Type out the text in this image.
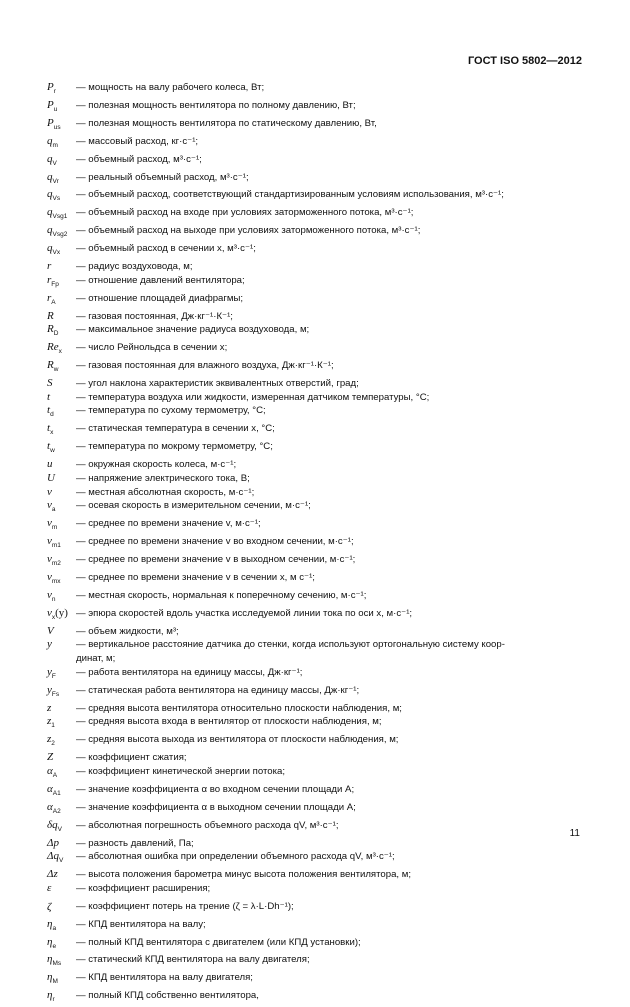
ГОСТ ISO 5802—2012
$P_r$	— мощность на валу рабочего колеса, Вт;
$P_u$	— полезная мощность вентилятора по полному давлению, Вт;
$P_{us}$	— полезная мощность вентилятора по статическому давлению, Вт,
$q_m$	— массовый расход, кг·с⁻¹;
$q_V$	— объемный расход, м³·с⁻¹;
$q_{Vr}$	— реальный объемный расход, м³·с⁻¹;
$q_{Vs}$	— объемный расход, соответствующий стандартизированным условиям использования, м³·с⁻¹;
$q_{Vsg1}$ — объемный расход на входе при условиях заторможенного потока, м³·с⁻¹;
$q_{Vsg2}$ — объемный расход на выходе при условиях заторможенного потока, м³·с⁻¹;
$q_{Vx}$	— объемный расход в сечении x, м³·с⁻¹;
r	— радиус воздуховода, м;
$r_{Fp}$	— отношение давлений вентилятора;
$r_A$	— отношение площадей диафрагмы;
R	— газовая постоянная, Дж·кг⁻¹·К⁻¹;
$R_D$	— максимальное значение радиуса воздуховода, м;
$Re_x$	— число Рейнольдса в сечении x;
$R_w$	— газовая постоянная для влажного воздуха, Дж·кг⁻¹·К⁻¹;
S	— угол наклона характеристик эквивалентных отверстий, град;
t	— температура воздуха или жидкости, измеренная датчиком температуры, °С;
$t_d$	— температура по сухому термометру, °С;
$t_x$	— статическая температура в сечении x, °С;
$t_w$	— температура по мокрому термометру, °С;
u	— окружная скорость колеса, м·с⁻¹;
U	— напряжение электрического тока, В;
v	— местная абсолютная скорость, м·с⁻¹;
$v_a$	— осевая скорость в измерительном сечении, м·с⁻¹;
$v_m$	— среднее по времени значение v, м·с⁻¹;
$v_{m1}$	— среднее по времени значение v во входном сечении, м·с⁻¹;
$v_{m2}$	— среднее по времени значение v в выходном сечении, м·с⁻¹;
$v_{mx}$	— среднее по времени значение v в сечении x, м с⁻¹;
$v_n$	— местная скорость, нормальная к поперечному сечению, м·с⁻¹;
$v_x(y)$ — эпюра скоростей вдоль участка исследуемой линии тока по оси x, м·с⁻¹;
V	— объем жидкости, м³;
y	— вертикальное расстояние датчика до стенки, когда используют ортогональную систему коор-
динат, м;
$y_F$	— работа вентилятора на единицу массы, Дж·кг⁻¹;
$y_{Fs}$	— статическая работа вентилятора на единицу массы, Дж·кг⁻¹;
z	— средняя высота вентилятора относительно плоскости наблюдения, м;
$z_1$	— средняя высота входа в вентилятор от плоскости наблюдения, м;
$z_2$	— средняя высота выхода из вентилятора от плоскости наблюдения, м;
Z	— коэффициент сжатия;
$\alpha_A$	— коэффициент кинетической энергии потока;
$\alpha_{A1}$	— значение коэффициента α во входном сечении площади A;
$\alpha_{A2}$	— значение коэффициента α в выходном сечении площади A;
$\delta q_V$	— абсолютная погрешность объемного расхода qV, м³·с⁻¹;
Δp	— разность давлений, Па;
$\Delta q_V$	— абсолютная ошибка при определении объемного расхода qV, м³·с⁻¹;
Δz	— высота положения барометра минус высота положения вентилятора, м;
ε	— коэффициент расширения;
ζ	— коэффициент потерь на трение (ζ = λ·L·Dh⁻¹);
$\eta_a$	— КПД вентилятора на валу;
$\eta_e$	— полный КПД вентилятора с двигателем (или КПД установки);
$\eta_{Ms}$	— статический КПД вентилятора на валу двигателя;
$\eta_M$	— КПД вентилятора на валу двигателя;
$\eta_r$	— полный КПД собственно вентилятора,
11
